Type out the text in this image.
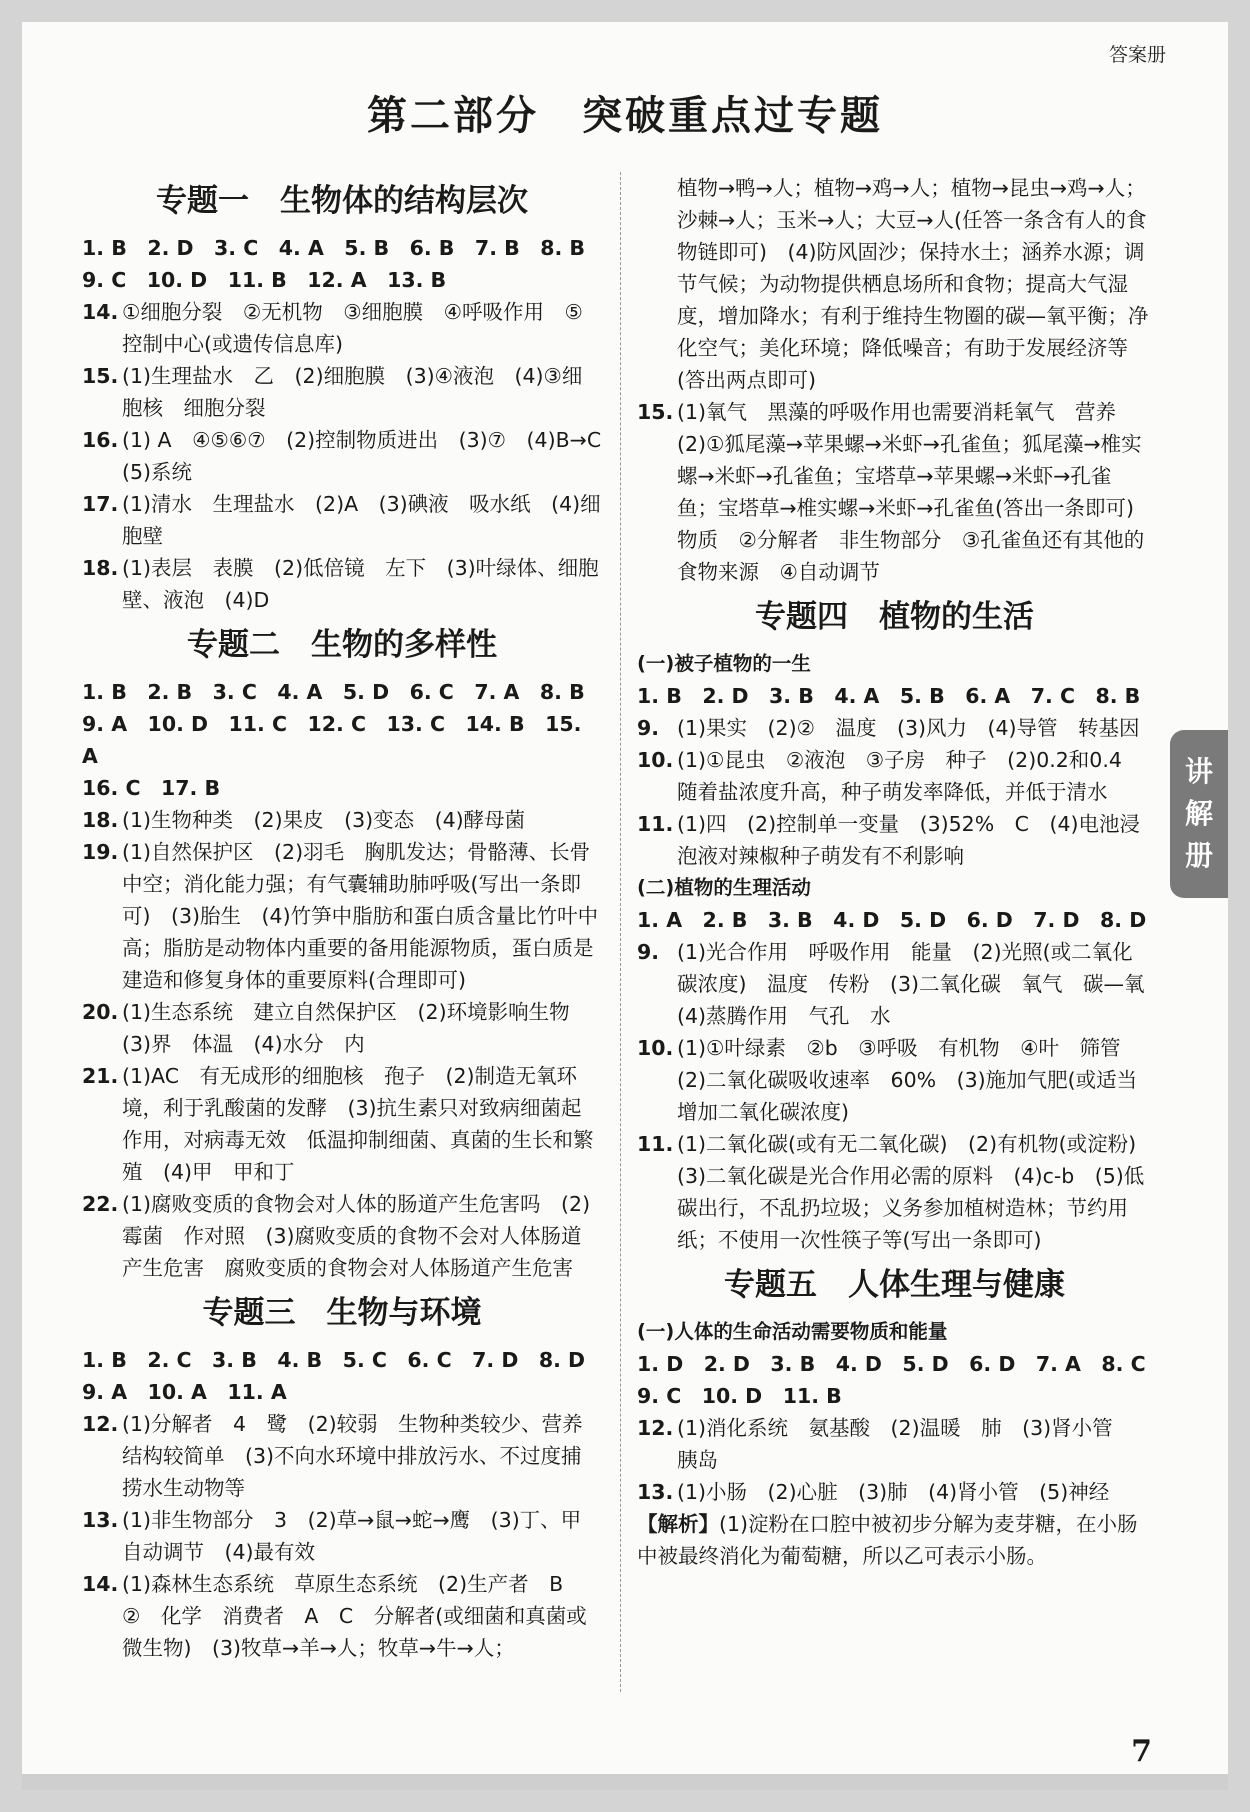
答案册
第二部分　突破重点过专题
专题一　生物体的结构层次
1. B　2. D　3. C　4. A　5. B　6. B　7. B　8. B
9. C　10. D　11. B　12. A　13. B
14. ①细胞分裂　②无机物　③细胞膜　④呼吸作用　⑤控制中心(或遗传信息库)
15. (1)生理盐水　乙　(2)细胞膜　(3)④液泡　(4)③细胞核　细胞分裂
16. (1) A　④⑤⑥⑦　(2)控制物质进出　(3)⑦　(4)B→C　(5)系统
17. (1)清水　生理盐水　(2)A　(3)碘液　吸水纸　(4)细胞壁
18. (1)表层　表膜　(2)低倍镜　左下　(3)叶绿体、细胞壁、液泡　(4)D
专题二　生物的多样性
1. B　2. B　3. C　4. A　5. D　6. C　7. A　8. B
9. A　10. D　11. C　12. C　13. C　14. B　15. A
16. C　17. B
18. (1)生物种类　(2)果皮　(3)变态　(4)酵母菌
19. (1)自然保护区　(2)羽毛　胸肌发达；骨骼薄、长骨中空；消化能力强；有气囊辅助肺呼吸(写出一条即可)　(3)胎生　(4)竹笋中脂肪和蛋白质含量比竹叶中高；脂肪是动物体内重要的备用能源物质，蛋白质是建造和修复身体的重要原料(合理即可)
20. (1)生态系统　建立自然保护区　(2)环境影响生物　(3)界　体温　(4)水分　内
21. (1)AC　有无成形的细胞核　孢子　(2)制造无氧环境，利于乳酸菌的发酵　(3)抗生素只对致病细菌起作用，对病毒无效　低温抑制细菌、真菌的生长和繁殖　(4)甲　甲和丁
22. (1)腐败变质的食物会对人体的肠道产生危害吗　(2)霉菌　作对照　(3)腐败变质的食物不会对人体肠道产生危害　腐败变质的食物会对人体肠道产生危害
专题三　生物与环境
1. B　2. C　3. B　4. B　5. C　6. C　7. D　8. D
9. A　10. A　11. A
12. (1)分解者　4　鹭　(2)较弱　生物种类较少、营养结构较简单　(3)不向水环境中排放污水、不过度捕捞水生动物等
13. (1)非生物部分　3　(2)草→鼠→蛇→鹰　(3)丁、甲　自动调节　(4)最有效
14. (1)森林生态系统　草原生态系统　(2)生产者　B　②　化学　消费者　A　C　分解者(或细菌和真菌或微生物)　(3)牧草→羊→人；牧草→牛→人；
植物→鸭→人；植物→鸡→人；植物→昆虫→鸡→人；沙棘→人；玉米→人；大豆→人(任答一条含有人的食物链即可)　(4)防风固沙；保持水土；涵养水源；调节气候；为动物提供栖息场所和食物；提高大气湿度，增加降水；有利于维持生物圈的碳—氧平衡；净化空气；美化环境；降低噪音；有助于发展经济等(答出两点即可)
15. (1)氧气　黑藻的呼吸作用也需要消耗氧气　营养　(2)①狐尾藻→苹果螺→米虾→孔雀鱼；狐尾藻→椎实螺→米虾→孔雀鱼；宝塔草→苹果螺→米虾→孔雀鱼；宝塔草→椎实螺→米虾→孔雀鱼(答出一条即可)　物质　②分解者　非生物部分　③孔雀鱼还有其他的食物来源　④自动调节
专题四　植物的生活
(一)被子植物的一生
1. B　2. D　3. B　4. A　5. B　6. A　7. C　8. B
9. (1)果实　(2)②　温度　(3)风力　(4)导管　转基因
10. (1)①昆虫　②液泡　③子房　种子　(2)0.2和0.4　随着盐浓度升高，种子萌发率降低，并低于清水
11. (1)四　(2)控制单一变量　(3)52%　C　(4)电池浸泡液对辣椒种子萌发有不利影响
(二)植物的生理活动
1. A　2. B　3. B　4. D　5. D　6. D　7. D　8. D
9. (1)光合作用　呼吸作用　能量　(2)光照(或二氧化碳浓度)　温度　传粉　(3)二氧化碳　氧气　碳—氧　(4)蒸腾作用　气孔　水
10. (1)①叶绿素　②b　③呼吸　有机物　④叶　筛管　(2)二氧化碳吸收速率　60%　(3)施加气肥(或适当增加二氧化碳浓度)
11. (1)二氧化碳(或有无二氧化碳)　(2)有机物(或淀粉)　(3)二氧化碳是光合作用必需的原料　(4)c-b　(5)低碳出行，不乱扔垃圾；义务参加植树造林；节约用纸；不使用一次性筷子等(写出一条即可)
专题五　人体生理与健康
(一)人体的生命活动需要物质和能量
1. D　2. D　3. B　4. D　5. D　6. D　7. A　8. C
9. C　10. D　11. B
12. (1)消化系统　氨基酸　(2)温暖　肺　(3)肾小管　胰岛
13. (1)小肠　(2)心脏　(3)肺　(4)肾小管　(5)神经
【解析】(1)淀粉在口腔中被初步分解为麦芽糖，在小肠中被最终消化为葡萄糖，所以乙可表示小肠。
讲
解
册
7
